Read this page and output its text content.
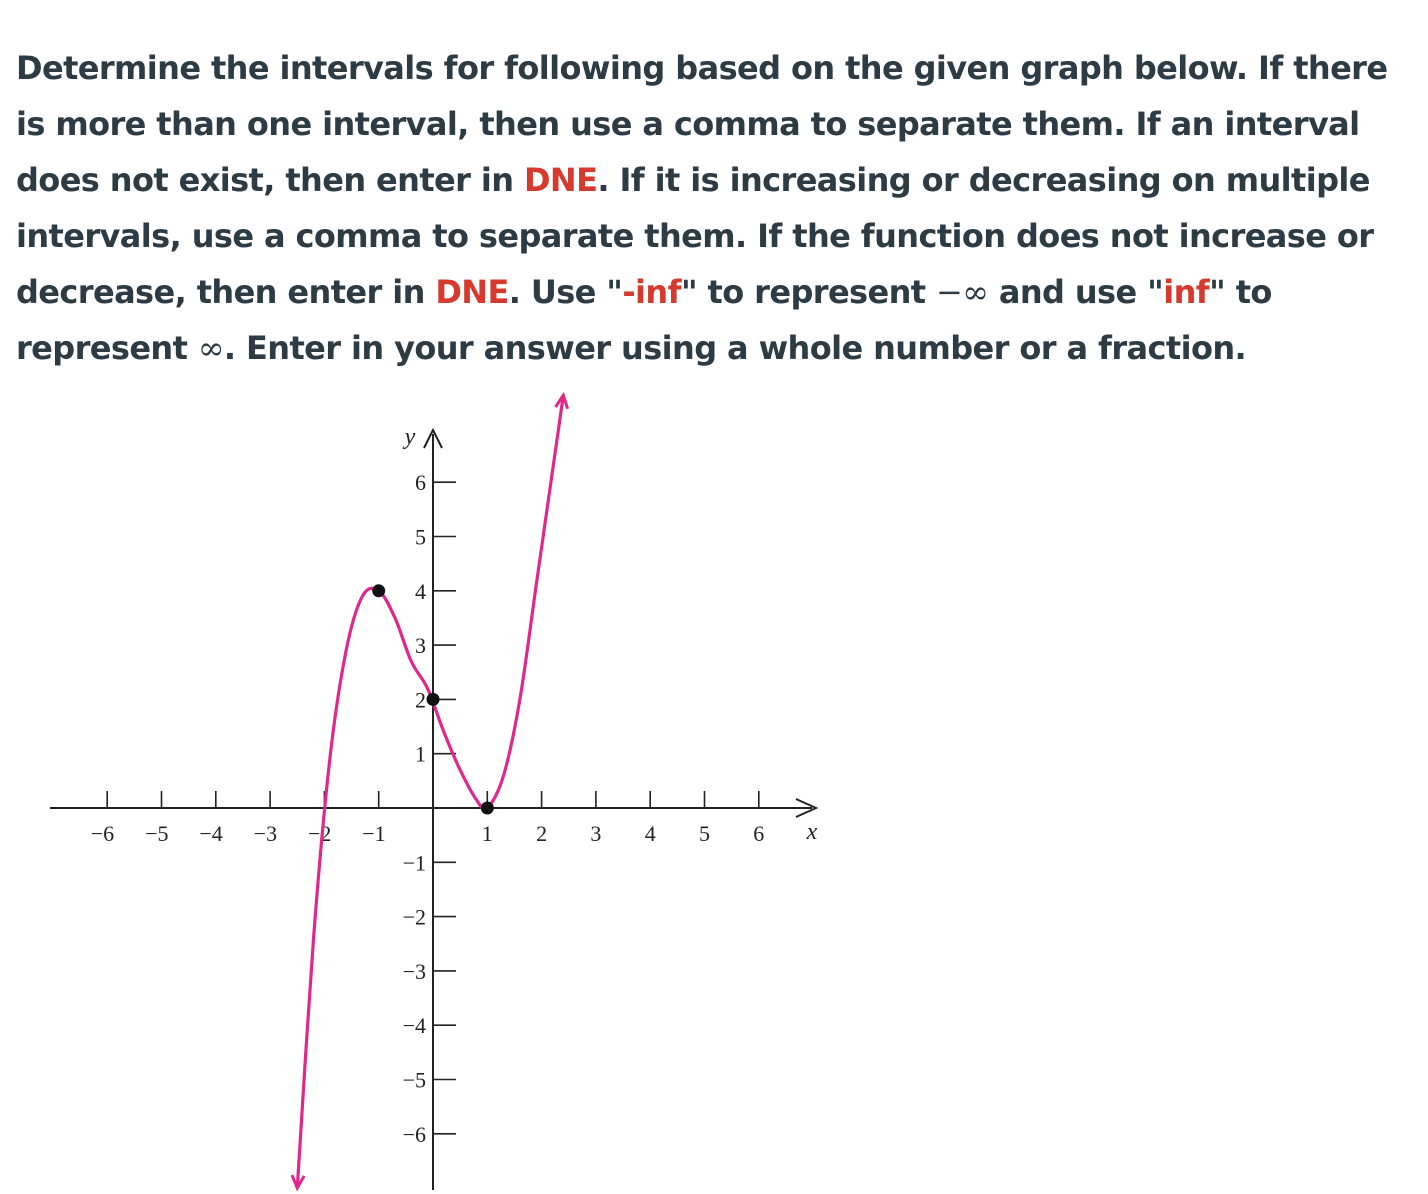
Determine the intervals for following based on the given graph below. If there is more than one interval, then use a comma to separate them. If an interval does not exist, then enter in DNE. If it is increasing or decreasing on multiple intervals, use a comma to separate them. If the function does not increase or decrease, then enter in DNE. Use "-inf" to represent −∞ and use "inf" to represent ∞. Enter in your answer using a whole number or a fraction.
−6 −5 −4 −3 −2 −1	1 2 3 4 5 6
−6
−5
−4
−3
−2
−1
1
2
3
4
5
6
x
y
